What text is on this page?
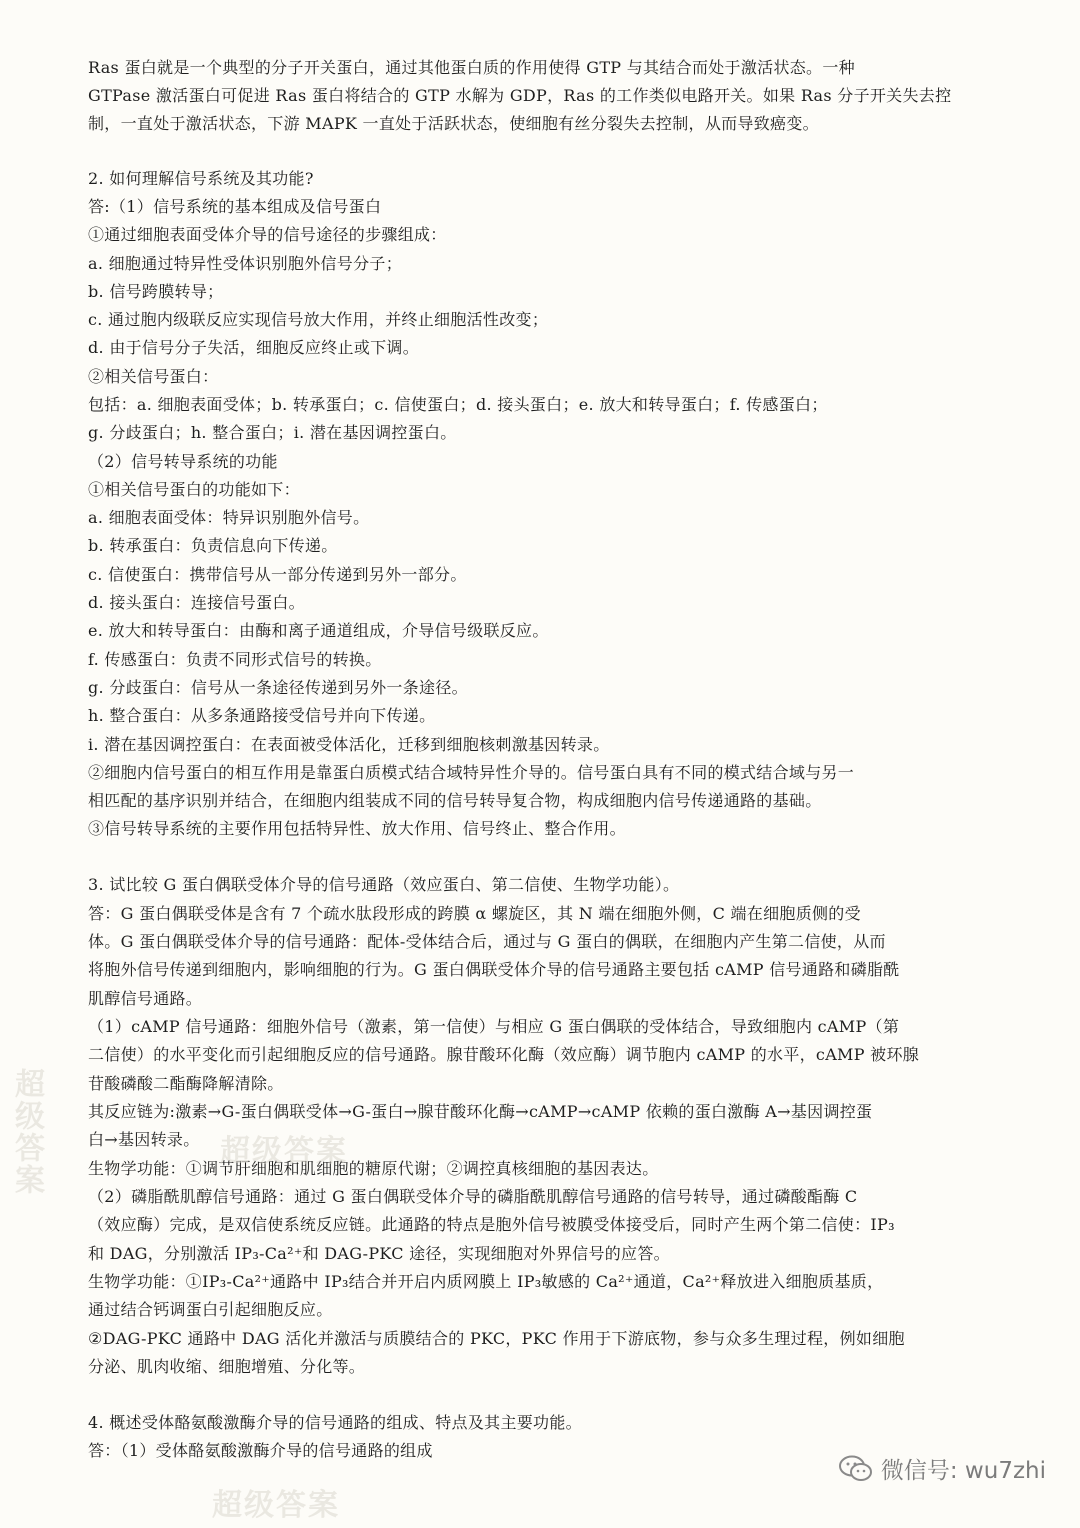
Ras 蛋白就是一个典型的分子开关蛋白，通过其他蛋白质的作用使得 GTP 与其结合而处于激活状态。一种
GTPase 激活蛋白可促进 Ras 蛋白将结合的 GTP 水解为 GDP，Ras 的工作类似电路开关。如果 Ras 分子开关失去控
制，一直处于激活状态，下游 MAPK 一直处于活跃状态，使细胞有丝分裂失去控制，从而导致癌变。
2. 如何理解信号系统及其功能?
答:（1）信号系统的基本组成及信号蛋白
①通过细胞表面受体介导的信号途径的步骤组成：
a. 细胞通过特异性受体识别胞外信号分子；
b. 信号跨膜转导；
c. 通过胞内级联反应实现信号放大作用，并终止细胞活性改变；
d. 由于信号分子失活，细胞反应终止或下调。
②相关信号蛋白：
包括：a. 细胞表面受体；b. 转承蛋白；c. 信使蛋白；d. 接头蛋白；e. 放大和转导蛋白；f. 传感蛋白；
g. 分歧蛋白；h. 整合蛋白；i. 潜在基因调控蛋白。
（2）信号转导系统的功能
①相关信号蛋白的功能如下：
a. 细胞表面受体：特异识别胞外信号。
b. 转承蛋白：负责信息向下传递。
c. 信使蛋白：携带信号从一部分传递到另外一部分。
d. 接头蛋白：连接信号蛋白。
e. 放大和转导蛋白：由酶和离子通道组成，介导信号级联反应。
f. 传感蛋白：负责不同形式信号的转换。
g. 分歧蛋白：信号从一条途径传递到另外一条途径。
h. 整合蛋白：从多条通路接受信号并向下传递。
i. 潜在基因调控蛋白：在表面被受体活化，迁移到细胞核刺激基因转录。
②细胞内信号蛋白的相互作用是靠蛋白质模式结合域特异性介导的。信号蛋白具有不同的模式结合域与另一
相匹配的基序识别并结合，在细胞内组装成不同的信号转导复合物，构成细胞内信号传递通路的基础。
③信号转导系统的主要作用包括特异性、放大作用、信号终止、整合作用。
3. 试比较 G 蛋白偶联受体介导的信号通路（效应蛋白、第二信使、生物学功能）。
答：G 蛋白偶联受体是含有 7 个疏水肽段形成的跨膜 α 螺旋区，其 N 端在细胞外侧，C 端在细胞质侧的受
体。G 蛋白偶联受体介导的信号通路：配体-受体结合后，通过与 G 蛋白的偶联，在细胞内产生第二信使，从而
将胞外信号传递到细胞内，影响细胞的行为。G 蛋白偶联受体介导的信号通路主要包括 cAMP 信号通路和磷脂酰
肌醇信号通路。
（1）cAMP 信号通路：细胞外信号（激素，第一信使）与相应 G 蛋白偶联的受体结合，导致细胞内 cAMP（第
二信使）的水平变化而引起细胞反应的信号通路。腺苷酸环化酶（效应酶）调节胞内 cAMP 的水平，cAMP 被环腺
苷酸磷酸二酯酶降解清除。
其反应链为:激素→G-蛋白偶联受体→G-蛋白→腺苷酸环化酶→cAMP→cAMP 依赖的蛋白激酶 A→基因调控蛋
白→基因转录。
生物学功能：①调节肝细胞和肌细胞的糖原代谢；②调控真核细胞的基因表达。
（2）磷脂酰肌醇信号通路：通过 G 蛋白偶联受体介导的磷脂酰肌醇信号通路的信号转导，通过磷酸酯酶 C
（效应酶）完成，是双信使系统反应链。此通路的特点是胞外信号被膜受体接受后，同时产生两个第二信使：IP₃
和 DAG，分别激活 IP₃-Ca²⁺和 DAG-PKC 途径，实现细胞对外界信号的应答。
生物学功能：①IP₃-Ca²⁺通路中 IP₃结合并开启内质网膜上 IP₃敏感的 Ca²⁺通道，Ca²⁺释放进入细胞质基质，
通过结合钙调蛋白引起细胞反应。
②DAG-PKC 通路中 DAG 活化并激活与质膜结合的 PKC，PKC 作用于下游底物，参与众多生理过程，例如细胞
分泌、肌肉收缩、细胞增殖、分化等。
4. 概述受体酪氨酸激酶介导的信号通路的组成、特点及其主要功能。
答：（1）受体酪氨酸激酶介导的信号通路的组成
超级答案
超级答案
超级答案
微信号: wu7zhi
